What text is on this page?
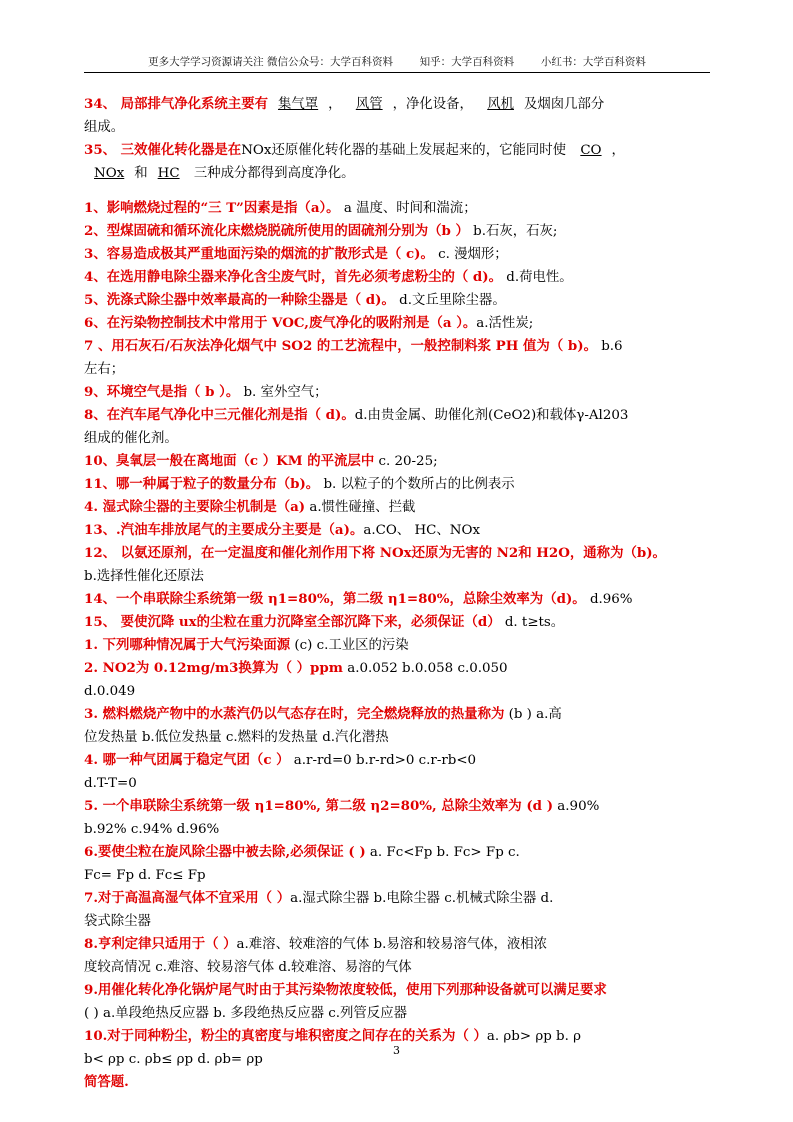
更多大学学习资源请关注 微信公众号：大学百科资料        知乎：大学百科资料        小红书：大学百科资料
34、 局部排气净化系统主要有 集气罩 ， 风管 ，净化设备， 风机 及烟囱几部分
组成。
35、 三效催化转化器是在NOx还原催化转化器的基础上发展起来的，它能同时使 CO ，
NOx 和 HC 三种成分都得到高度净化。
1、影响燃烧过程的“三 T”因素是指（a）。 a 温度、时间和湍流；
2、型煤固硫和循环流化床燃烧脱硫所使用的固硫剂分别为（b ） b.石灰，石灰;
3、容易造成极其严重地面污染的烟流的扩散形式是（ c)。 c. 漫烟形；
4、在选用静电除尘器来净化含尘废气时，首先必须考虑粉尘的（ d)。 d.荷电性。
5、洗涤式除尘器中效率最高的一种除尘器是（ d)。 d.文丘里除尘器。
6、在污染物控制技术中常用于 VOC,废气净化的吸附剂是（a ）。a.活性炭;
7 、用石灰石/石灰法净化烟气中 SO2 的工艺流程中，一般控制料浆 PH 值为（ b)。 b.6
左右；
9、环境空气是指（ b ）。 b. 室外空气；
8、在汽车尾气净化中三元催化剂是指（ d)。d.由贵金属、助催化剂(CeO2)和载体γ-Al203
组成的催化剂。
10、臭氧层一般在离地面（c ）KM 的平流层中 c. 20-25;
11、哪一种属于粒子的数量分布（b)。 b. 以粒子的个数所占的比例表示
4. 湿式除尘器的主要除尘机制是（a) a.惯性碰撞、拦截
13、.汽油车排放尾气的主要成分主要是（a)。a.CO、 HC、NOx
12、 以氨还原剂，在一定温度和催化剂作用下将 NOx还原为无害的 N2和 H2O，通称为（b)。
b.选择性催化还原法
14、一个串联除尘系统第一级 η1=80%，第二级 η1=80%，总除尘效率为（d)。 d.96%
15、 要使沉降 ux的尘粒在重力沉降室全部沉降下来，必须保证（d） d. t≥ts。
1. 下列哪种情况属于大气污染面源 (c) c.工业区的污染
2. NO2为 0.12mg/m3换算为（ ）ppm a.0.052 b.0.058 c.0.050
d.0.049
3. 燃料燃烧产物中的水蒸汽仍以气态存在时，完全燃烧释放的热量称为 (b ) a.高
位发热量 b.低位发热量 c.燃料的发热量 d.汽化潜热
4. 哪一种气团属于稳定气团（c ） a.r-rd=0 b.r-rd>0 c.r-rb<0
d.T-T=0
5. 一个串联除尘系统第一级 η1=80%, 第二级 η2=80%, 总除尘效率为 (d ) a.90%
b.92% c.94% d.96%
6.要使尘粒在旋风除尘器中被去除,必须保证 ( ) a. Fc<Fp b. Fc> Fp c.
Fc= Fp d. Fc≤ Fp
7.对于高温高湿气体不宜采用（ ）a.湿式除尘器 b.电除尘器 c.机械式除尘器 d.
袋式除尘器
8.亨利定律只适用于（ ）a.难溶、较难溶的气体 b.易溶和较易溶气体，液相浓
度较高情况 c.难溶、较易溶气体 d.较难溶、易溶的气体
9.用催化转化净化锅炉尾气时由于其污染物浓度较低，使用下列那种设备就可以满足要求
( ) a.单段绝热反应器 b. 多段绝热反应器 c.列管反应器
10.对于同种粉尘，粉尘的真密度与堆积密度之间存在的关系为（ ）a. ρb> ρp b. ρ
b< ρp c. ρb≤ ρp d. ρb= ρp
简答题.
3
